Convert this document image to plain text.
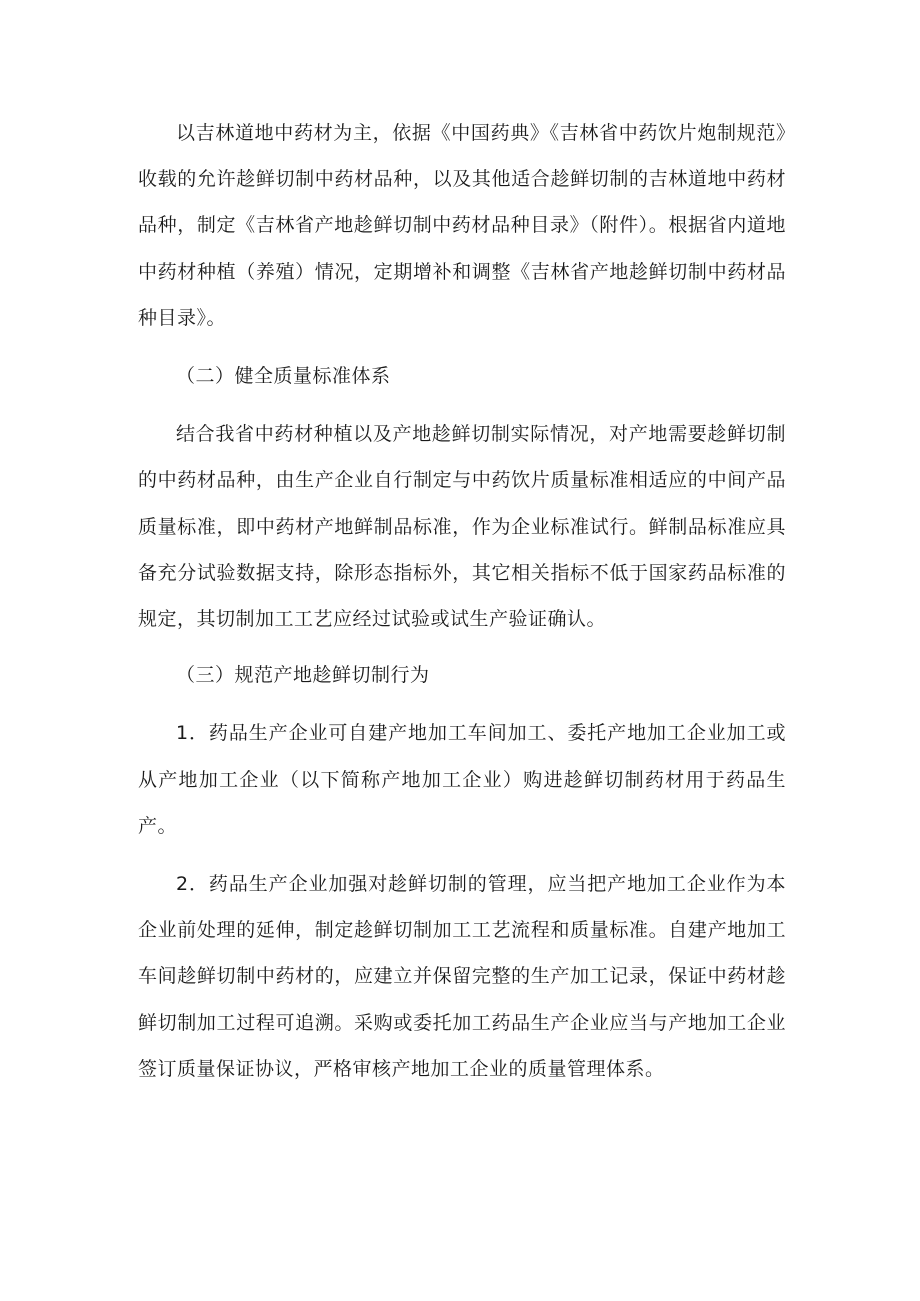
以吉林道地中药材为主，依据《中国药典》《吉林省中药饮片炮制规范》收载的允许趁鲜切制中药材品种，以及其他适合趁鲜切制的吉林道地中药材品种，制定《吉林省产地趁鲜切制中药材品种目录》（附件）。根据省内道地中药材种植（养殖）情况，定期增补和调整《吉林省产地趁鲜切制中药材品种目录》。

（二）健全质量标准体系

结合我省中药材种植以及产地趁鲜切制实际情况，对产地需要趁鲜切制的中药材品种，由生产企业自行制定与中药饮片质量标准相适应的中间产品质量标准，即中药材产地鲜制品标准，作为企业标准试行。鲜制品标准应具备充分试验数据支持，除形态指标外，其它相关指标不低于国家药品标准的规定，其切制加工工艺应经过试验或试生产验证确认。

（三）规范产地趁鲜切制行为

1．药品生产企业可自建产地加工车间加工、委托产地加工企业加工或从产地加工企业（以下简称产地加工企业）购进趁鲜切制药材用于药品生产。

2．药品生产企业加强对趁鲜切制的管理，应当把产地加工企业作为本企业前处理的延伸，制定趁鲜切制加工工艺流程和质量标准。自建产地加工车间趁鲜切制中药材的，应建立并保留完整的生产加工记录，保证中药材趁鲜切制加工过程可追溯。采购或委托加工药品生产企业应当与产地加工企业签订质量保证协议，严格审核产地加工企业的质量管理体系。
